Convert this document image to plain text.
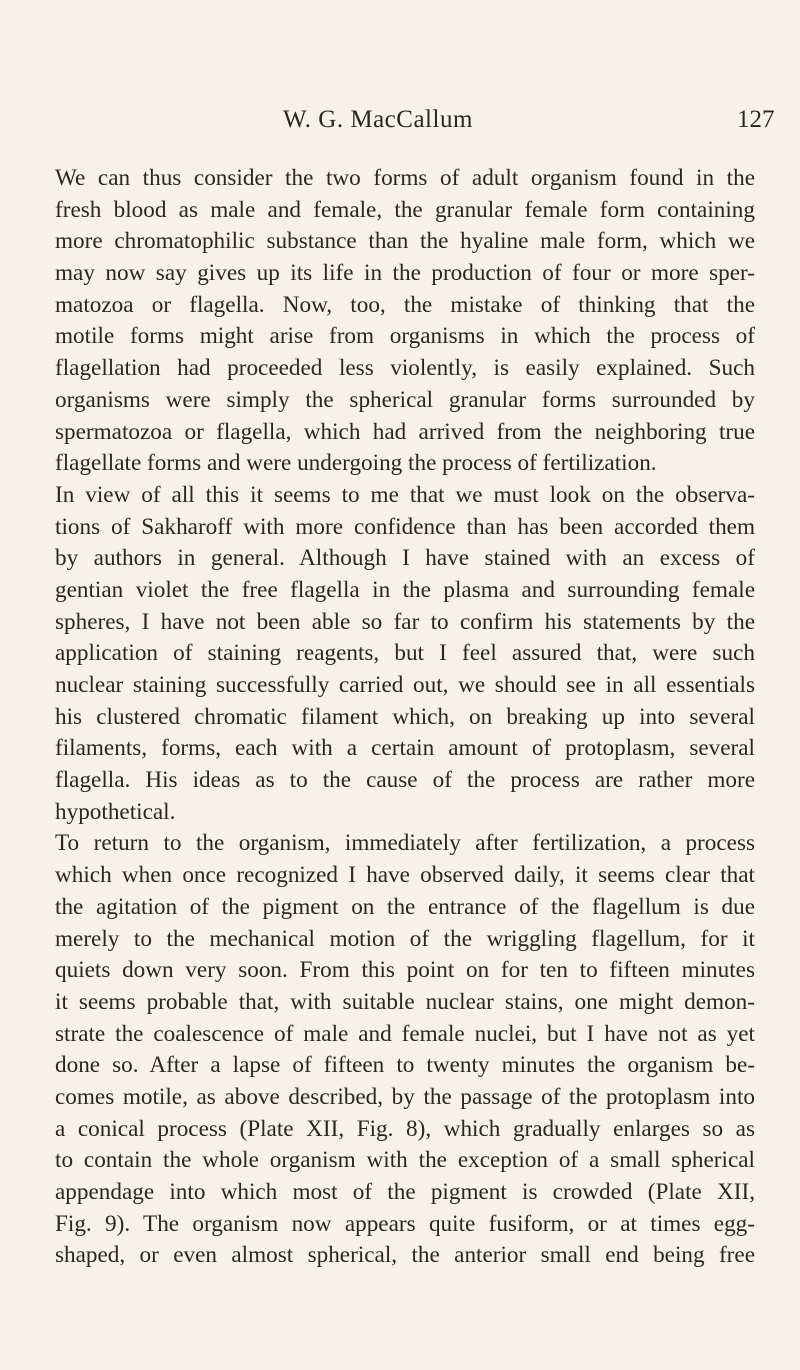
W. G. MacCallum	127
We can thus consider the two forms of adult organism found in the
fresh blood as male and female, the granular female form containing
more chromatophilic substance than the hyaline male form, which we
may now say gives up its life in the production of four or more sper-
matozoa or flagella. Now, too, the mistake of thinking that the
motile forms might arise from organisms in which the process of
flagellation had proceeded less violently, is easily explained. Such
organisms were simply the spherical granular forms surrounded by
spermatozoa or flagella, which had arrived from the neighboring true
flagellate forms and were undergoing the process of fertilization.
In view of all this it seems to me that we must look on the observa-
tions of Sakharoff with more confidence than has been accorded them
by authors in general. Although I have stained with an excess of
gentian violet the free flagella in the plasma and surrounding female
spheres, I have not been able so far to confirm his statements by the
application of staining reagents, but I feel assured that, were such
nuclear staining successfully carried out, we should see in all essentials
his clustered chromatic filament which, on breaking up into several
filaments, forms, each with a certain amount of protoplasm, several
flagella. His ideas as to the cause of the process are rather more
hypothetical.
To return to the organism, immediately after fertilization, a process
which when once recognized I have observed daily, it seems clear that
the agitation of the pigment on the entrance of the flagellum is due
merely to the mechanical motion of the wriggling flagellum, for it
quiets down very soon. From this point on for ten to fifteen minutes
it seems probable that, with suitable nuclear stains, one might demon-
strate the coalescence of male and female nuclei, but I have not as yet
done so. After a lapse of fifteen to twenty minutes the organism be-
comes motile, as above described, by the passage of the protoplasm into
a conical process (Plate XII, Fig. 8), which gradually enlarges so as
to contain the whole organism with the exception of a small spherical
appendage into which most of the pigment is crowded (Plate XII,
Fig. 9). The organism now appears quite fusiform, or at times egg-
shaped, or even almost spherical, the anterior small end being free
